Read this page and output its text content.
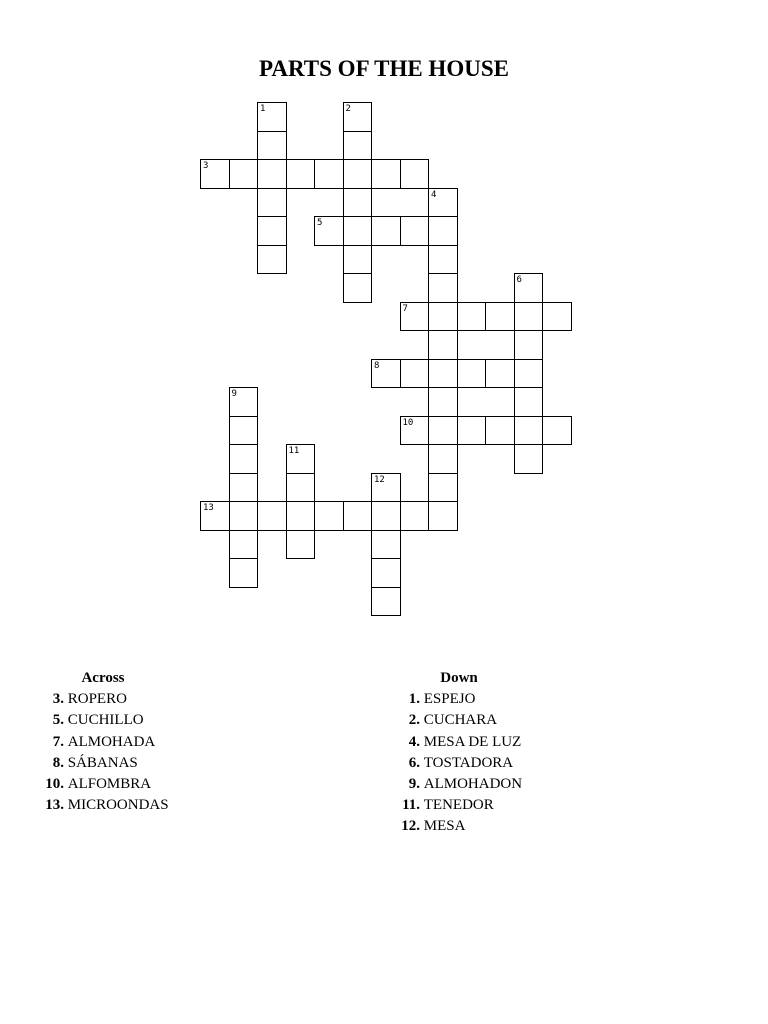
PARTS OF THE HOUSE
1	2
3
4
5
6
7
8
9
10
11
12
13
Across
3. ROPERO
5. CUCHILLO
7. ALMOHADA
8. SÁBANAS
10. ALFOMBRA
13. MICROONDAS
Down
1. ESPEJO
2. CUCHARA
4. MESA DE LUZ
6. TOSTADORA
9. ALMOHADON
11. TENEDOR
12. MESA
